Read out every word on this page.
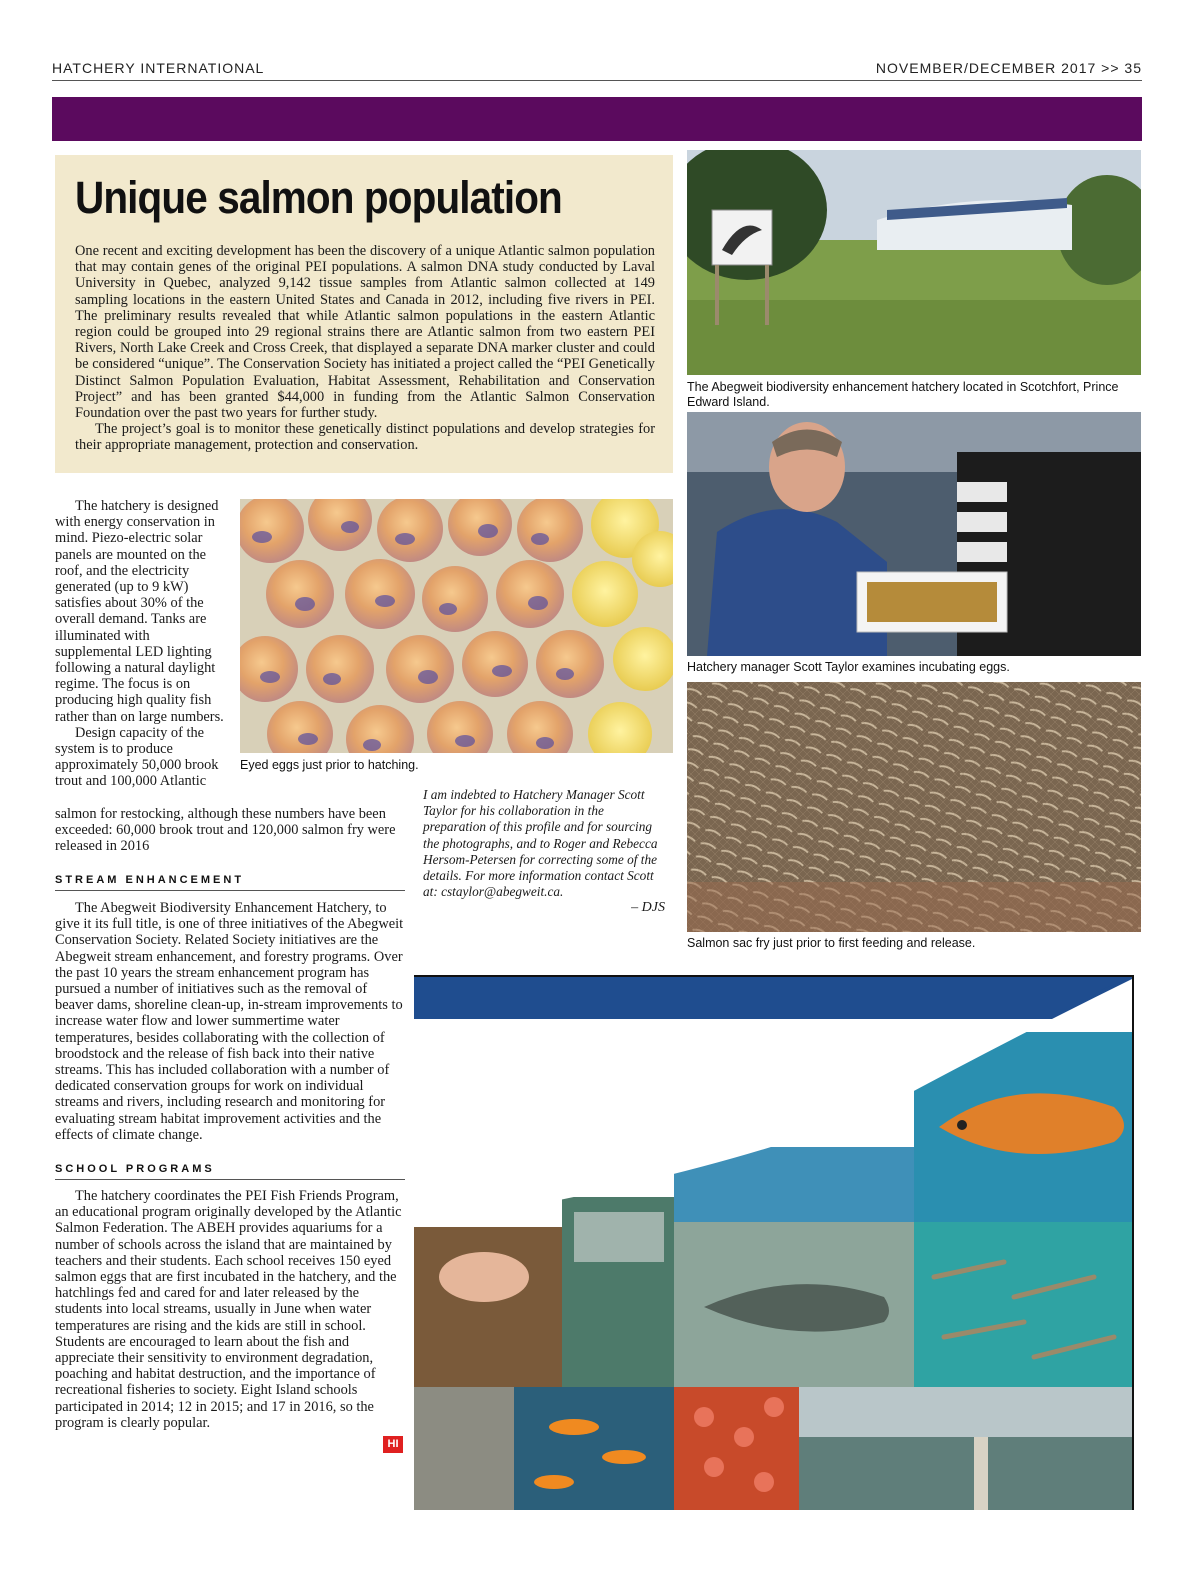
HATCHERY INTERNATIONAL	NOVEMBER/DECEMBER 2017 >> 35
Unique salmon population

One recent and exciting development has been the discovery of a unique Atlantic salmon population that may contain genes of the original PEI populations. A salmon DNA study conducted by Laval University in Quebec, analyzed 9,142 tissue samples from Atlantic salmon collected at 149 sampling locations in the eastern United States and Canada in 2012, including five rivers in PEI. The preliminary results revealed that while Atlantic salmon populations in the eastern Atlantic region could be grouped into 29 regional strains there are Atlantic salmon from two eastern PEI Rivers, North Lake Creek and Cross Creek, that displayed a separate DNA marker cluster and could be considered “unique”. The Conservation Society has initiated a project called the “PEI Genetically Distinct Salmon Population Evaluation, Habitat Assessment, Rehabilitation and Conservation Project” and has been granted $44,000 in funding from the Atlantic Salmon Conservation Foundation over the past two years for further study.

The project’s goal is to monitor these genetically distinct populations and develop strategies for their appropriate management, protection and conservation.

The hatchery is designed with energy conservation in mind. Piezo-electric solar panels are mounted on the roof, and the electricity generated (up to 9 kW) satisfies about 30% of the overall demand. Tanks are illuminated with supplemental LED lighting following a natural daylight regime. The focus is on producing high quality fish rather than on large numbers.

Design capacity of the system is to produce approximately 50,000 brook trout and 100,000 Atlantic

salmon for restocking, although these numbers have been exceeded: 60,000 brook trout and 120,000 salmon fry were released in 2016

Eyed eggs just prior to hatching.
I am indebted to Hatchery Manager Scott Taylor for his collaboration in the preparation of this profile and for sourcing the photographs, and to Roger and Rebecca Hersom-Petersen for correcting some of the details. For more information contact Scott at: cstaylor@abegweit.ca.
– DJS
STREAM ENHANCEMENT

The Abegweit Biodiversity Enhancement Hatchery, to give it its full title, is one of three initiatives of the Abegweit Conservation Society. Related Society initiatives are the Abegweit stream enhancement, and forestry programs. Over the past 10 years the stream enhancement program has pursued a number of initiatives such as the removal of beaver dams, shoreline clean-up, in-stream improvements to increase water flow and lower summertime water temperatures, besides collaborating with the collection of broodstock and the release of fish back into their native streams. This has included collaboration with a number of dedicated conservation groups for work on individual streams and rivers, including research and monitoring for evaluating stream habitat improvement activities and the effects of climate change.

SCHOOL PROGRAMS

The hatchery coordinates the PEI Fish Friends Program, an educational program originally developed by the Atlantic Salmon Federation. The ABEH provides aquariums for a number of schools across the island that are maintained by teachers and their students. Each school receives 150 eyed salmon eggs that are first incubated in the hatchery, and the hatchlings fed and cared for and later released by the students into local streams, usually in June when water temperatures are rising and the kids are still in school. Students are encouraged to learn about the fish and appreciate their sensitivity to environment degradation, poaching and habitat destruction, and the importance of recreational fisheries to society. Eight Island schools participated in 2014; 12 in 2015; and 17 in 2016, so the program is clearly popular.

HI
The Abegweit biodiversity enhancement hatchery located in Scotchfort, Prince Edward Island.
Hatchery manager Scott Taylor examines incubating eggs.
Salmon sac fry just prior to first feeding and release.
